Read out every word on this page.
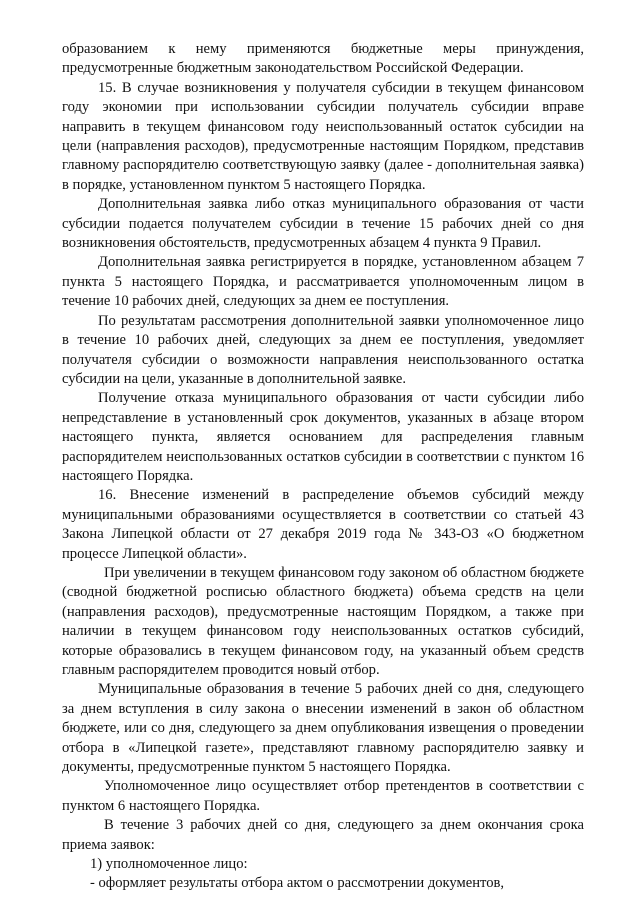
образованием к нему применяются бюджетные меры принуждения, предусмотренные бюджетным законодательством Российской Федерации.

15. В случае возникновения у получателя субсидии в текущем финансовом году экономии при использовании субсидии получатель субсидии вправе направить в текущем финансовом году неиспользованный остаток субсидии на цели (направления расходов), предусмотренные настоящим Порядком, представив главному распорядителю соответствующую заявку (далее - дополнительная заявка) в порядке, установленном пунктом 5 настоящего Порядка.

Дополнительная заявка либо отказ муниципального образования от части субсидии подается получателем субсидии в течение 15 рабочих дней со дня возникновения обстоятельств, предусмотренных абзацем 4 пункта 9 Правил.

Дополнительная заявка регистрируется в порядке, установленном абзацем 7 пункта 5 настоящего Порядка, и рассматривается уполномоченным лицом в течение 10 рабочих дней, следующих за днем ее поступления.

По результатам рассмотрения дополнительной заявки уполномоченное лицо в течение 10 рабочих дней, следующих за днем ее поступления, уведомляет получателя субсидии о возможности направления неиспользованного остатка субсидии на цели, указанные в дополнительной заявке.

Получение отказа муниципального образования от части субсидии либо непредставление в установленный срок документов, указанных в абзаце втором настоящего пункта, является основанием для распределения главным распорядителем неиспользованных остатков субсидии в соответствии с пунктом 16 настоящего Порядка.

16. Внесение изменений в распределение объемов субсидий между муниципальными образованиями осуществляется в соответствии со статьей 43 Закона Липецкой области от 27 декабря 2019 года № 343-ОЗ «О бюджетном процессе Липецкой области».

При увеличении в текущем финансовом году законом об областном бюджете (сводной бюджетной росписью областного бюджета) объема средств на цели (направления расходов), предусмотренные настоящим Порядком, а также при наличии в текущем финансовом году неиспользованных остатков субсидий, которые образовались в текущем финансовом году, на указанный объем средств главным распорядителем проводится новый отбор.

Муниципальные образования в течение 5 рабочих дней со дня, следующего за днем вступления в силу закона о внесении изменений в закон об областном бюджете, или со дня, следующего за днем опубликования извещения о проведении отбора в «Липецкой газете», представляют главному распорядителю заявку и документы, предусмотренные пунктом 5 настоящего Порядка.

Уполномоченное лицо осуществляет отбор претендентов в соответствии с пунктом 6 настоящего Порядка.

В течение 3 рабочих дней со дня, следующего за днем окончания срока приема заявок:

1) уполномоченное лицо:

- оформляет результаты отбора актом о рассмотрении документов,
